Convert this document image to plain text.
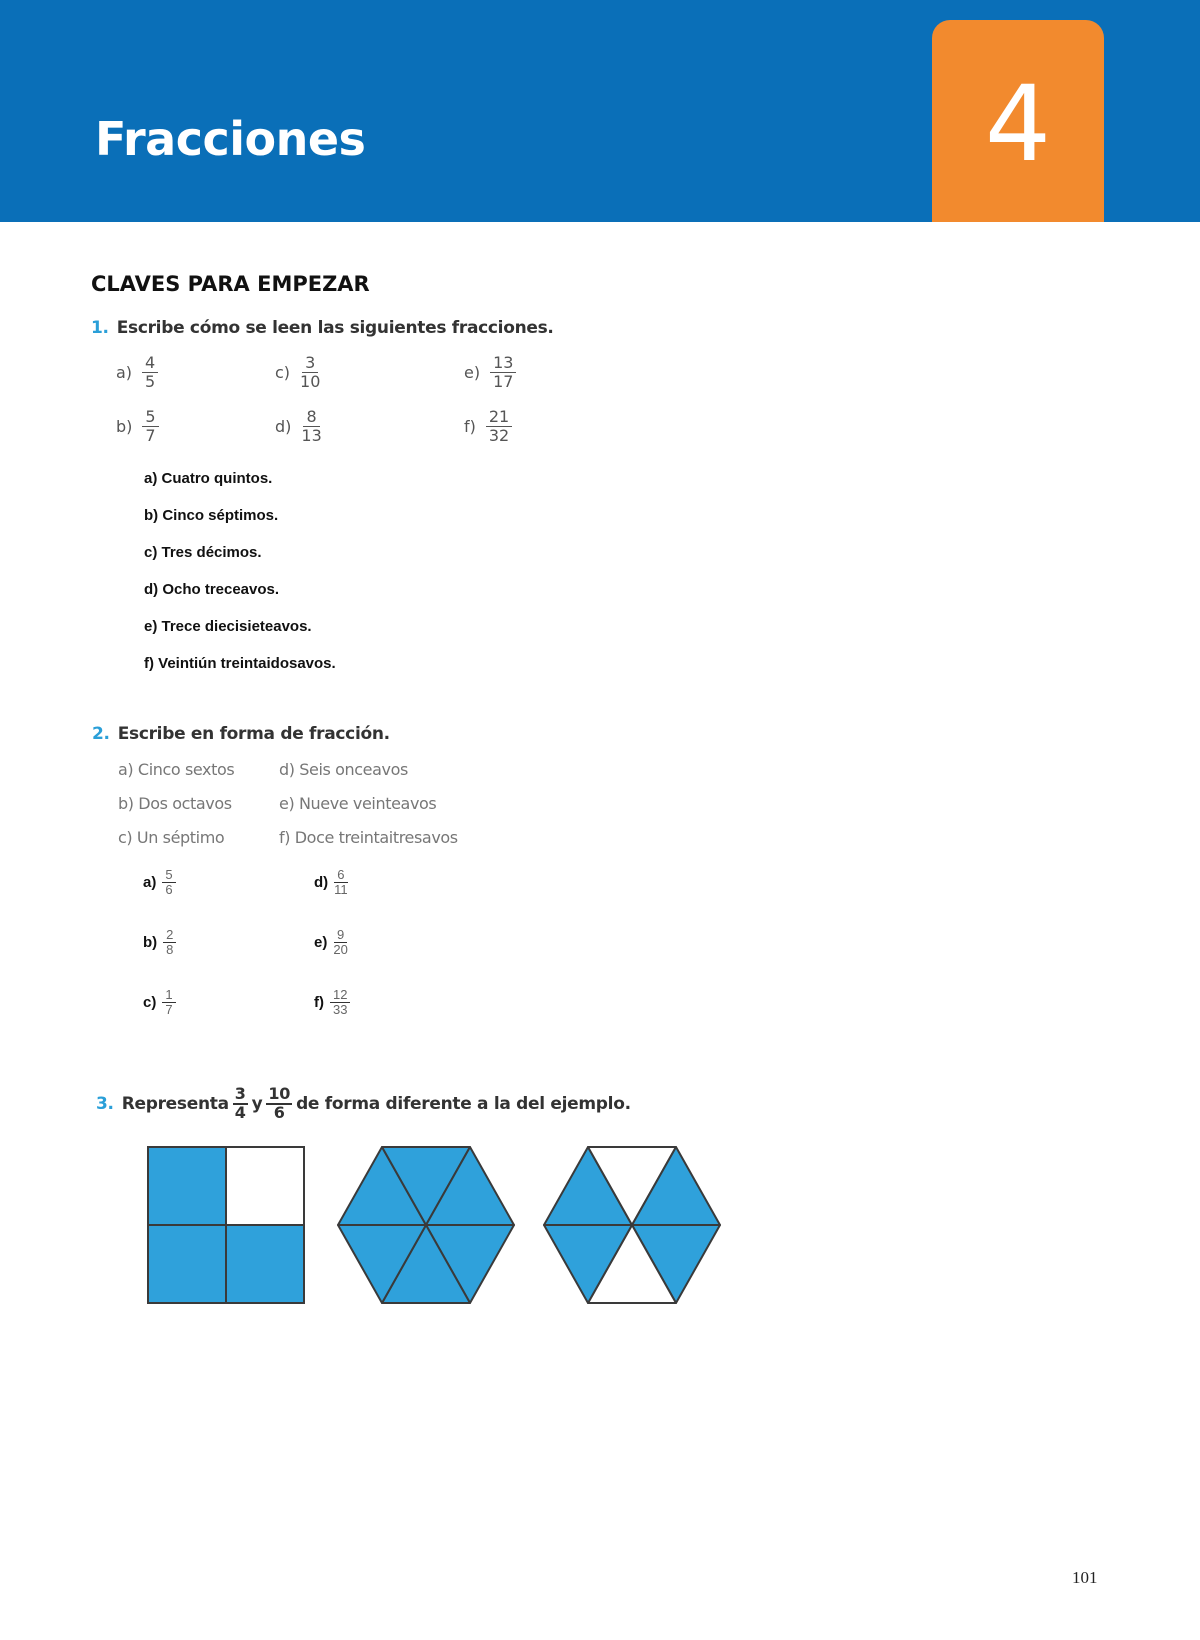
Fracciones	4
CLAVES PARA EMPEZAR
1. Escribe cómo se leen las siguientes fracciones.
$a) \frac{4}{5}$	$c) \frac{3}{10}$	$e) \frac{13}{17}$
$b) \frac{5}{7}$	$d) \frac{8}{13}$	$f) \frac{21}{32}$
a) Cuatro quintos.
b) Cinco séptimos.
c) Tres décimos.
d) Ocho treceavos.
e) Trece diecisieteavos.
f) Veintiún treintaidosavos.
2. Escribe en forma de fracción.
a) Cinco sextos	d) Seis onceavos
b) Dos octavos	e) Nueve veinteavos
c) Un séptimo	f) Doce treintaitresavos
$a) \frac{5}{6}$	$d) \frac{6}{11}$
$b) \frac{2}{8}$	$e) \frac{9}{20}$
$c) \frac{1}{7}$	$f) \frac{12}{33}$
3. Representa $\frac{3}{4}$ y $\frac{10}{6}$ de forma diferente a la del ejemplo.
101
